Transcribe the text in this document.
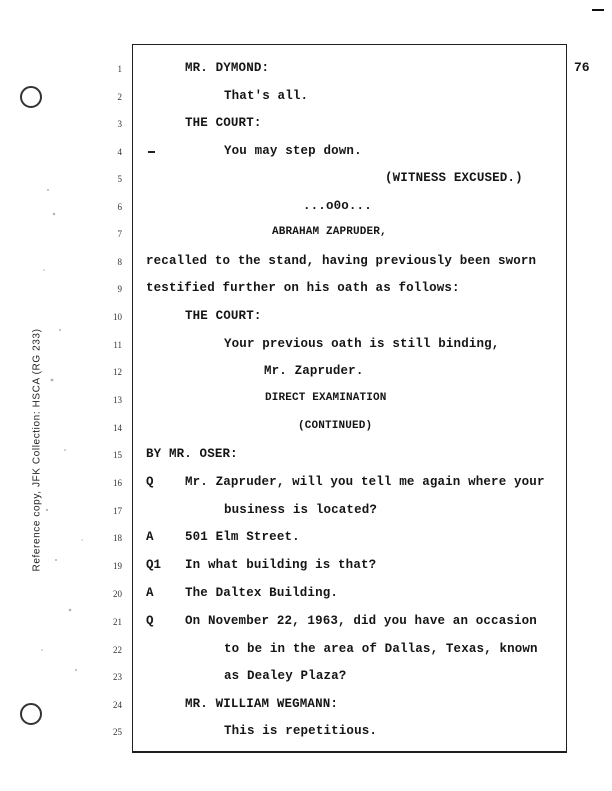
Reference copy, JFK Collection: HSCA (RG 233)
76
1	MR. DYMOND:
2	That's all.
3	THE COURT:
4	You may step down.
5	(WITNESS EXCUSED.)
6	...o0o...
7	ABRAHAM ZAPRUDER,
8 recalled to the stand, having previously been sworn
9 testified further on his oath as follows:
10	THE COURT:
11	Your previous oath is still binding,
12	Mr. Zapruder.
13	DIRECT EXAMINATION
14	(CONTINUED)
15 BY MR. OSER:
16 Q	Mr. Zapruder, will you tell me again where your
17	business is located?
18 A	501 Elm Street.
19 Q1 In what building is that?
20 A	The Daltex Building.
21 Q	On November 22, 1963, did you have an occasion
22	to be in the area of Dallas, Texas, known
23	as Dealey Plaza?
24	MR. WILLIAM WEGMANN:
25	This is repetitious.
